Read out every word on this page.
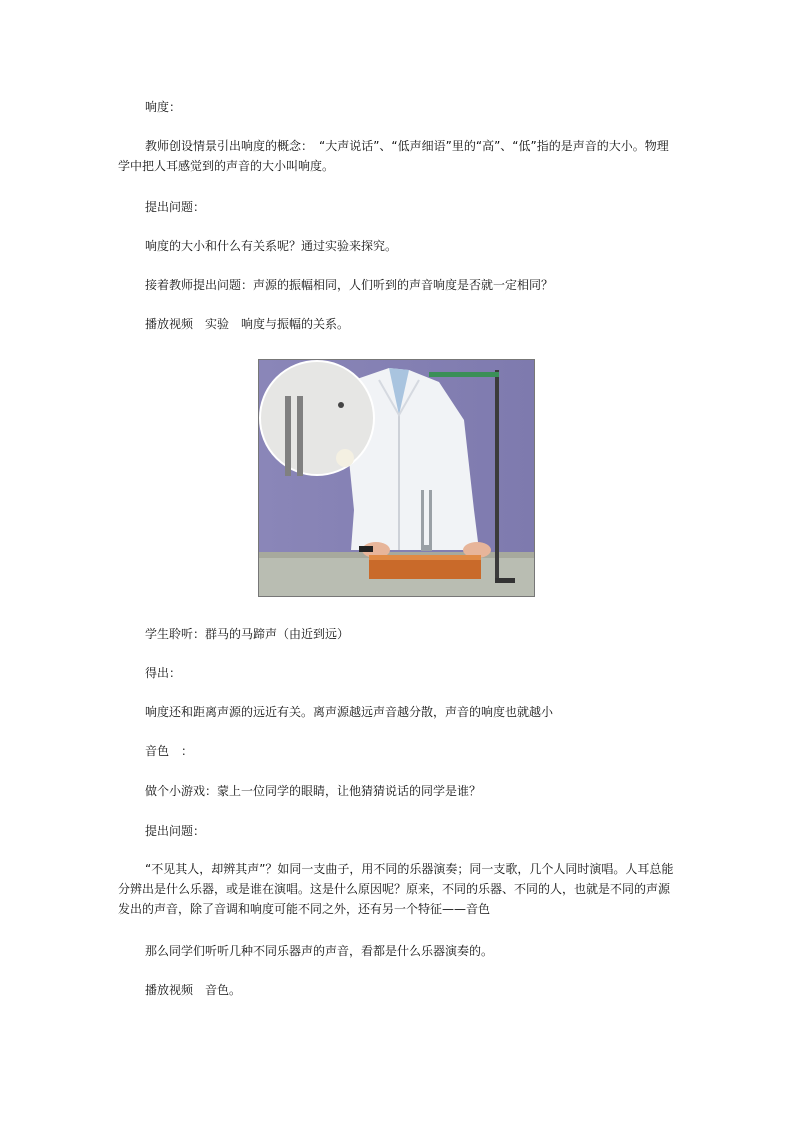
响度：

教师创设情景引出响度的概念：　“大声说话”、“低声细语”里的“高”、“低”指的是声音的大小。物理学中把人耳感觉到的声音的大小叫响度。

提出问题：

响度的大小和什么有关系呢？通过实验来探究。

接着教师提出问题：声源的振幅相同，人们听到的声音响度是否就一定相同？

播放视频　实验　响度与振幅的关系。

学生聆听：群马的马蹄声（由近到远）

得出：

响度还和距离声源的远近有关。离声源越远声音越分散，声音的响度也就越小

音色　：

做个小游戏：蒙上一位同学的眼睛，让他猜猜说话的同学是谁？

提出问题：

“不见其人，却辨其声”？如同一支曲子，用不同的乐器演奏；同一支歌，几个人同时演唱。人耳总能分辨出是什么乐器，或是谁在演唱。这是什么原因呢？原来，不同的乐器、不同的人，也就是不同的声源发出的声音，除了音调和响度可能不同之外，还有另一个特征——音色

那么同学们听听几种不同乐器声的声音，看都是什么乐器演奏的。

播放视频　音色。
